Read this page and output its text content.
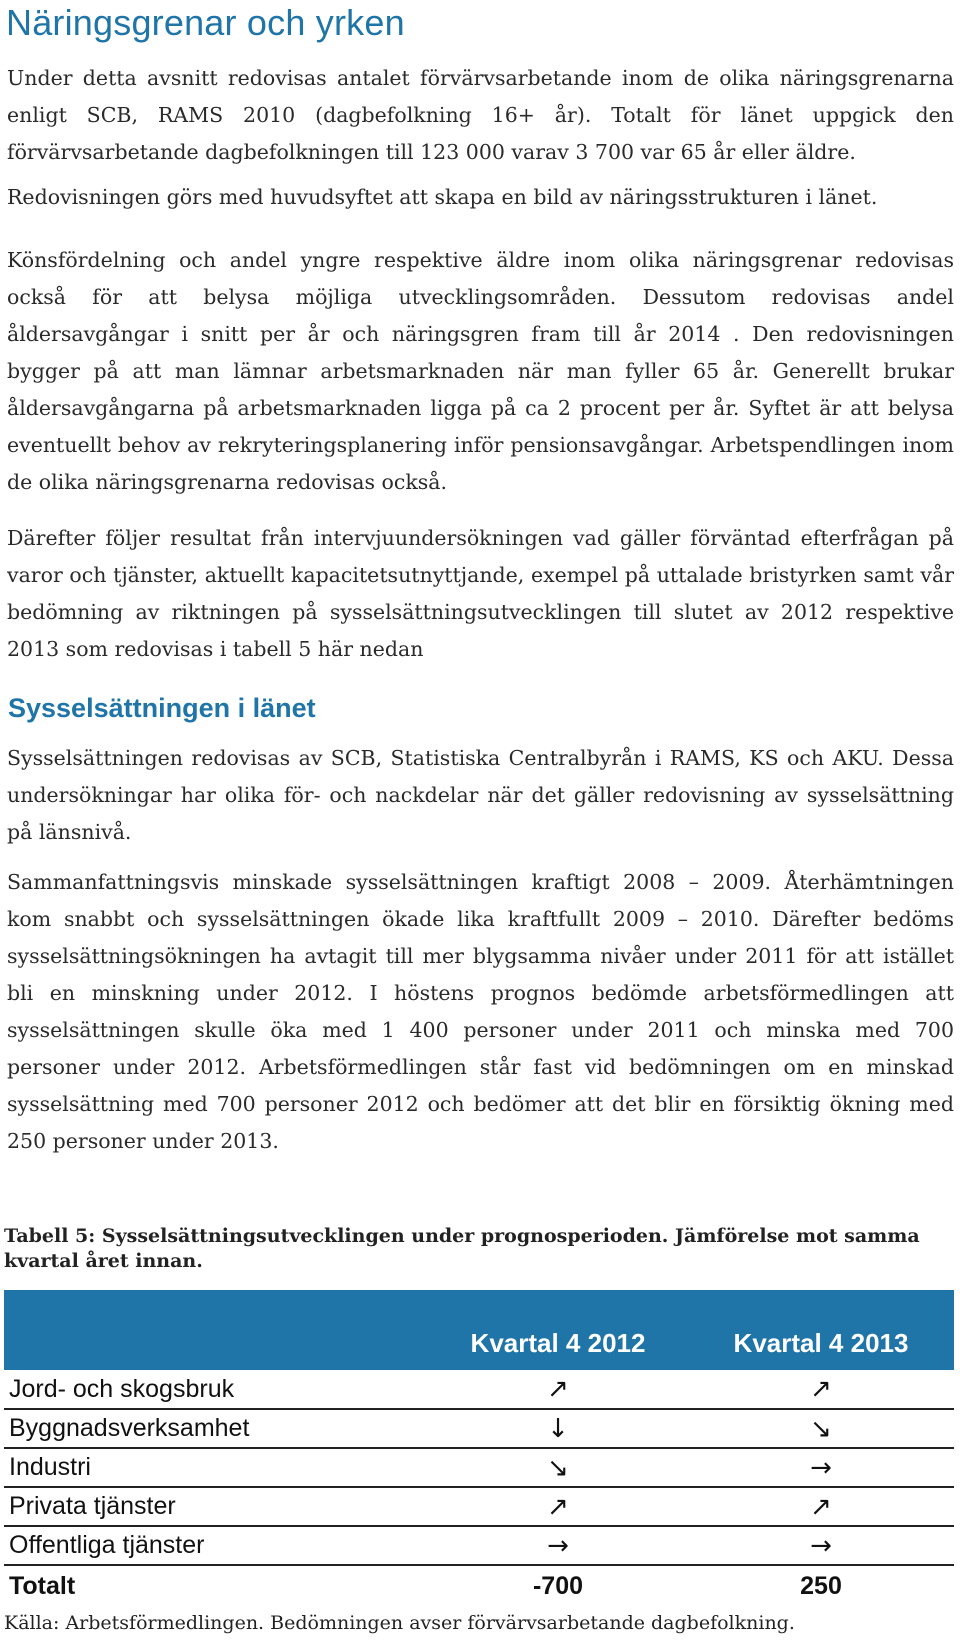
Näringsgrenar och yrken

Under detta avsnitt redovisas antalet förvärvsarbetande inom de olika näringsgrenarna enligt SCB, RAMS 2010 (dagbefolkning 16+ år). Totalt för länet uppgick den förvärvsarbetande dagbefolkningen till 123 000 varav 3 700 var 65 år eller äldre.

Redovisningen görs med huvudsyftet att skapa en bild av näringsstrukturen i länet.

Könsfördelning och andel yngre respektive äldre inom olika näringsgrenar redovisas också för att belysa möjliga utvecklingsområden. Dessutom redovisas andel åldersavgångar i snitt per år och näringsgren fram till år 2014 . Den redovisningen bygger på att man lämnar arbetsmarknaden när man fyller 65 år. Generellt brukar åldersavgångarna på arbetsmarknaden ligga på ca 2 procent per år. Syftet är att belysa eventuellt behov av rekryteringsplanering inför pensionsavgångar. Arbetspendlingen inom de olika näringsgrenarna redovisas också.

Därefter följer resultat från intervjuundersökningen vad gäller förväntad efterfrågan på varor och tjänster, aktuellt kapacitetsutnyttjande, exempel på uttalade bristyrken samt vår bedömning av riktningen på sysselsättningsutvecklingen till slutet av 2012 respektive 2013 som redovisas i tabell 5 här nedan

Sysselsättningen i länet

Sysselsättningen redovisas av SCB, Statistiska Centralbyrån i RAMS, KS och AKU. Dessa undersökningar har olika för- och nackdelar när det gäller redovisning av sysselsättning på länsnivå.

Sammanfattningsvis minskade sysselsättningen kraftigt 2008 – 2009. Återhämtningen kom snabbt och sysselsättningen ökade lika kraftfullt 2009 – 2010. Därefter bedöms sysselsättningsökningen ha avtagit till mer blygsamma nivåer under 2011 för att istället bli en minskning under 2012. I höstens prognos bedömde arbetsförmedlingen att sysselsättningen skulle öka med 1 400 personer under 2011 och minska med 700 personer under 2012. Arbetsförmedlingen står fast vid bedömningen om en minskad sysselsättning med 700 personer 2012 och bedömer att det blir en försiktig ökning med 250 personer under 2013.

Tabell 5: Sysselsättningsutvecklingen under prognosperioden. Jämförelse mot samma kvartal året innan.

	Kvartal 4 2012	Kvartal 4 2013
Jord- och skogsbruk	↗	↗
Byggnadsverksamhet	↓	↘
Industri	↘	→
Privata tjänster	↗	↗
Offentliga tjänster	→	→
Totalt	-700	250

Källa: Arbetsförmedlingen. Bedömningen avser förvärvsarbetande dagbefolkning.
